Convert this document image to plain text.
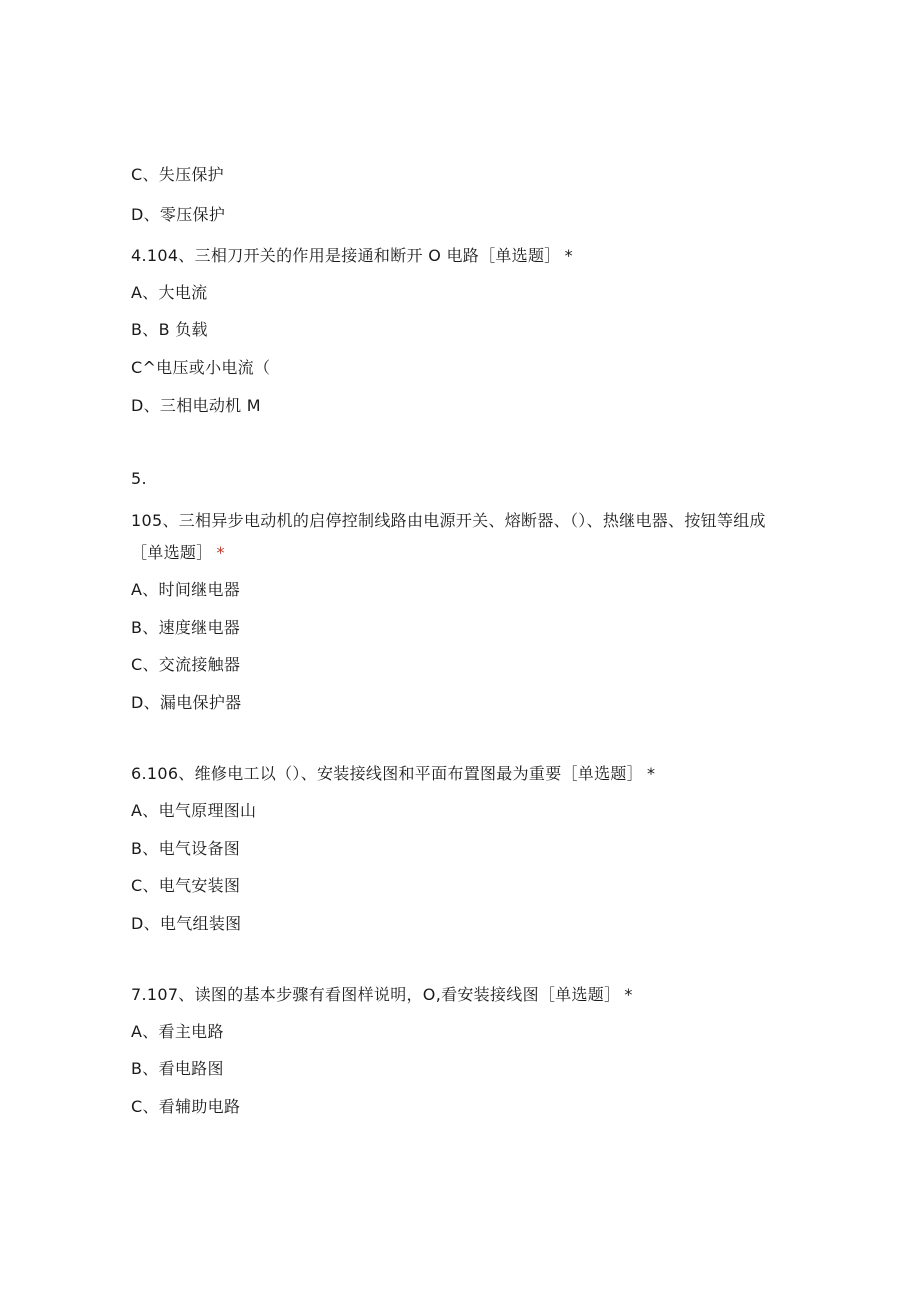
C、失压保护
D、零压保护
4.104、三相刀开关的作用是接通和断开 O 电路［单选题］ *
A、大电流
B、B 负载
C^电压或小电流（
D、三相电动机 M
5.
105、三相异步电动机的启停控制线路由电源开关、熔断器、（）、热继电器、按钮等组成［单选题］ *
A、时间继电器
B、速度继电器
C、交流接触器
D、漏电保护器
6.106、维修电工以（）、安装接线图和平面布置图最为重要［单选题］ *
A、电气原理图山
B、电气设备图
C、电气安装图
D、电气组装图
7.107、读图的基本步骤有看图样说明，O,看安装接线图［单选题］ *
A、看主电路
B、看电路图
C、看辅助电路
